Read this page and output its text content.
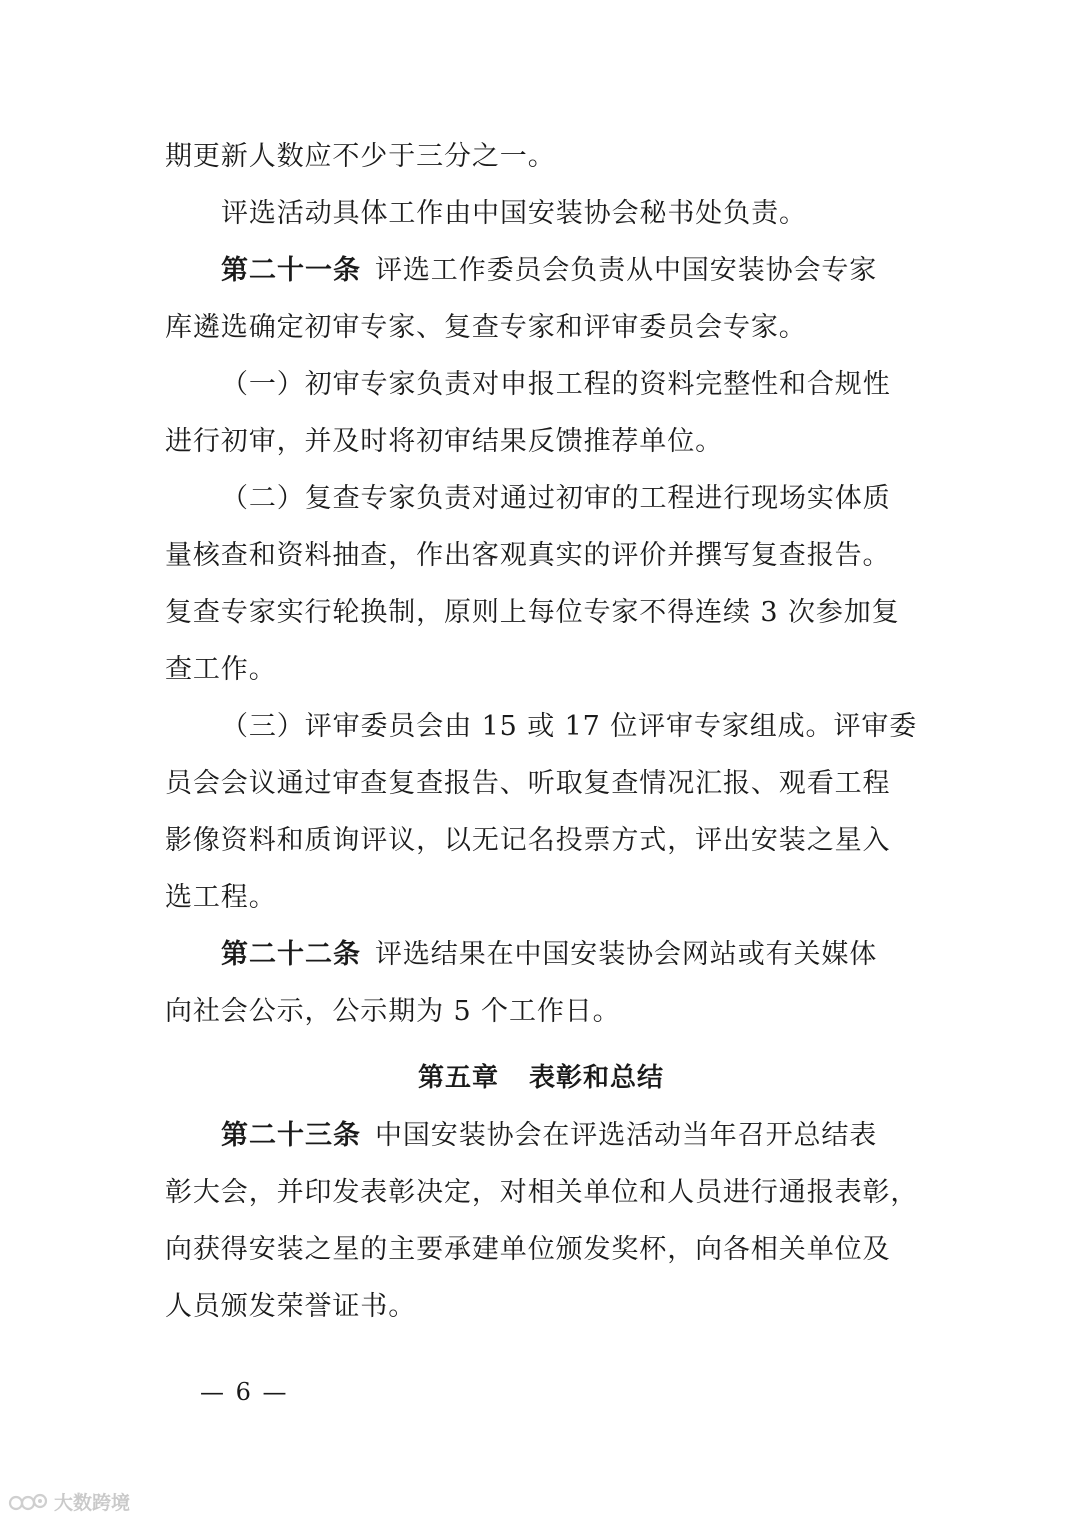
期更新人数应不少于三分之一。
评选活动具体工作由中国安装协会秘书处负责。
第二十一条 评选工作委员会负责从中国安装协会专家
库遴选确定初审专家、复查专家和评审委员会专家。
（一）初审专家负责对申报工程的资料完整性和合规性
进行初审，并及时将初审结果反馈推荐单位。
（二）复查专家负责对通过初审的工程进行现场实体质
量核查和资料抽查，作出客观真实的评价并撰写复查报告。
复查专家实行轮换制，原则上每位专家不得连续 3 次参加复
查工作。
（三）评审委员会由 15 或 17 位评审专家组成。评审委
员会会议通过审查复查报告、听取复查情况汇报、观看工程
影像资料和质询评议，以无记名投票方式，评出安装之星入
选工程。
第二十二条 评选结果在中国安装协会网站或有关媒体
向社会公示，公示期为 5 个工作日。
第五章 表彰和总结
第二十三条 中国安装协会在评选活动当年召开总结表
彰大会，并印发表彰决定，对相关单位和人员进行通报表彰，
向获得安装之星的主要承建单位颁发奖杯，向各相关单位及
人员颁发荣誉证书。
— 6 —
大数跨境
